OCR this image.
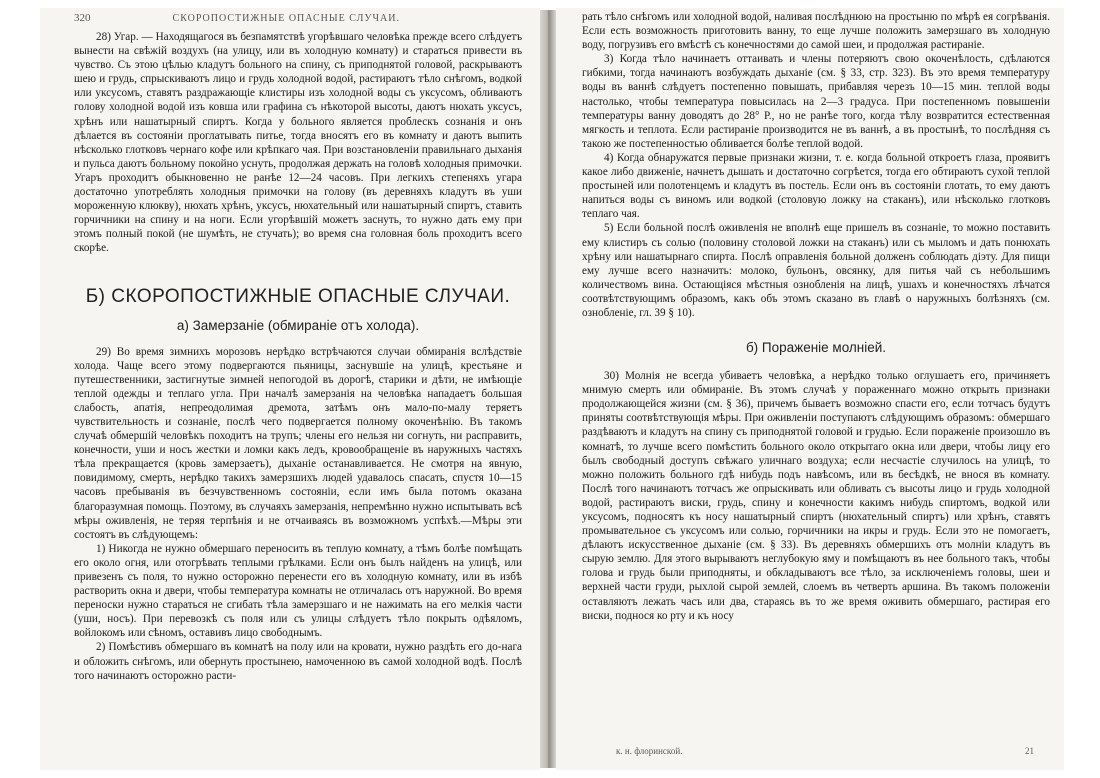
320	СКОРОПОСТИЖНЫЕ ОПАСНЫЕ СЛУЧАИ.

28) Угар. — Находящагося въ безпамятствѣ угорѣвшаго человѣка прежде всего слѣдуетъ вынести на свѣжій воздухъ (на улицу, или въ холодную комнату) и стараться привести въ чувство. Съ этою цѣлью кладутъ больного на спину, съ приподнятой головой, раскрываютъ шею и грудь, спрыскиваютъ лицо и грудь холодной водой, растираютъ тѣло снѣгомъ, водкой или уксусомъ, ставятъ раздражающіе клистиры изъ холодной воды съ уксусомъ, обливаютъ голову холодной водой изъ ковша или графина съ нѣкоторой высоты, даютъ нюхать уксусъ, хрѣнъ или нашатырный спиртъ. Когда у больного является проблескъ сознанія и онъ дѣлается въ состояніи проглатывать питье, тогда вносятъ его въ комнату и даютъ выпить нѣсколько глотковъ чернаго кофе или крѣпкаго чая. При возстановленіи правильнаго дыханія и пульса даютъ больному покойно уснуть, продолжая держать на головѣ холодныя примочки. Угаръ проходитъ обыкновенно не ранѣе 12—24 часовъ. При легкихъ степеняхъ угара достаточно употреблять холодныя примочки на голову (въ деревняхъ кладутъ въ уши мороженную клюкву), нюхать хрѣнъ, уксусъ, нюхательный или нашатырный спиртъ, ставить горчичники на спину и на ноги. Если угорѣвшій можетъ заснуть, то нужно дать ему при этомъ полный покой (не шумѣть, не стучать); во время сна головная боль проходитъ всего скорѣе.

Б) СКОРОПОСТИЖНЫЕ ОПАСНЫЕ СЛУЧАИ.
а) Замерзаніе (обмираніе отъ холода).

29) Во время зимнихъ морозовъ нерѣдко встрѣчаются случаи обмиранія вслѣдствіе холода. Чаще всего этому подвергаются пьяницы, заснувшіе на улицѣ, крестьяне и путешественники, застигнутые зимней непогодой въ дорогѣ, старики и дѣти, не имѣющіе теплой одежды и теплаго угла. При началѣ замерзанія на человѣка нападаетъ большая слабость, апатія, непреодолимая дремота, затѣмъ онъ мало-по-малу теряетъ чувствительность и сознаніе, послѣ чего подвергается полному окоченѣнію. Въ такомъ случаѣ обмершій человѣкъ походитъ на трупъ; члены его нельзя ни согнуть, ни расправить, конечности, уши и носъ жестки и ломки какъ ледъ, кровообращеніе въ наружныхъ частяхъ тѣла прекращается (кровь замерзаетъ), дыханіе останавливается. Не смотря на явную, повидимому, смерть, нерѣдко такихъ замерзшихъ людей удавалось спасать, спустя 10—15 часовъ пребыванія въ безчувственномъ состояніи, если имъ была потомъ оказана благоразумная помощь. Поэтому, въ случаяхъ замерзанія, непремѣнно нужно испытывать всѣ мѣры оживленія, не теряя терпѣнія и не отчаиваясь въ возможномъ успѣхѣ.—Мѣры эти состоятъ въ слѣдующемъ:

1) Никогда не нужно обмершаго переносить въ теплую комнату, а тѣмъ болѣе помѣщать его около огня, или отогрѣвать теплыми грѣлками. Если онъ былъ найденъ на улицѣ, или привезенъ съ поля, то нужно осторожно перенести его въ холодную комнату, или въ избѣ растворить окна и двери, чтобы температура комнаты не отличалась отъ наружной. Во время переноски нужно стараться не сгибать тѣла замерзшаго и не нажимать на его мелкія части (уши, носъ). При перевозкѣ съ поля или съ улицы слѣдуетъ тѣло покрыть одѣяломъ, войлокомъ или сѣномъ, оставивъ лицо свободнымъ.

2) Помѣстивъ обмершаго въ комнатѣ на полу или на кровати, нужно раздѣть его до-нага и обложить снѣгомъ, или обернуть простынею, намоченною въ самой холодной водѣ. Послѣ того начинаютъ осторожно расти-

рать тѣло снѣгомъ или холодной водой, наливая послѣднюю на простыню по мѣрѣ ея согрѣванія. Если есть возможность приготовить ванну, то еще лучше положить замерзшаго въ холодную воду, погрузивъ его вмѣстѣ съ конечностями до самой шеи, и продолжая растираніе.

3) Когда тѣло начинаетъ оттаивать и члены потеряютъ свою окоченѣлость, сдѣлаются гибкими, тогда начинаютъ возбуждать дыханіе (см. § 33, стр. 323). Въ это время температуру воды въ ваннѣ слѣдуетъ постепенно повышать, прибавляя черезъ 10—15 мин. теплой воды настолько, чтобы температура повысилась на 2—3 градуса. При постепенномъ повышеніи температуры ванну доводятъ до 28° Р., но не ранѣе того, когда тѣлу возвратится естественная мягкость и теплота. Если растираніе производится не въ ваннѣ, а въ простынѣ, то послѣдняя съ такою же постепенностью обливается болѣе теплой водой.

4) Когда обнаружатся первые признаки жизни, т. е. когда больной откроетъ глаза, проявитъ какое либо движеніе, начнетъ дышать и достаточно согрѣется, тогда его обтираютъ сухой теплой простыней или полотенцемъ и кладутъ въ постель. Если онъ въ состояніи глотать, то ему даютъ напиться воды съ виномъ или водкой (столовую ложку на стаканъ), или нѣсколько глотковъ теплаго чая.

5) Если больной послѣ оживленія не вполнѣ еще пришелъ въ сознаніе, то можно поставить ему клистиръ съ солью (половину столовой ложки на стаканъ) или съ мыломъ и дать понюхать хрѣну или нашатырнаго спирта. Послѣ оправленія больной долженъ соблюдать діэту. Для пищи ему лучше всего назначить: молоко, бульонъ, овсянку, для питья чай съ небольшимъ количествомъ вина. Остающіяся мѣстныя ознобленія на лицѣ, ушахъ и конечностяхъ лѣчатся соотвѣтствующимъ образомъ, какъ объ этомъ сказано въ главѣ о наружныхъ болѣзняхъ (см. ознобленіе, гл. 39 § 10).

б) Пораженіе молніей.

30) Молнія не всегда убиваетъ человѣка, а нерѣдко только оглушаетъ его, причиняетъ мнимую смерть или обмираніе. Въ этомъ случаѣ у пораженнаго можно открыть признаки продолжающейся жизни (см. § 36), причемъ бываетъ возможно спасти его, если тотчасъ будутъ приняты соотвѣтствующія мѣры. При оживленіи поступаютъ слѣдующимъ образомъ: обмершаго раздѣваютъ и кладутъ на спину съ приподнятой головой и грудью. Если пораженіе произошло въ комнатѣ, то лучше всего помѣстить больного около открытаго окна или двери, чтобы лицу его былъ свободный доступъ свѣжаго уличнаго воздуха; если несчастіе случилось на улицѣ, то можно положить больного гдѣ нибудь подъ навѣсомъ, или въ бесѣдкѣ, не внося въ комнату. Послѣ того начинаютъ тотчасъ же опрыскивать или обливать съ высоты лицо и грудь холодной водой, растираютъ виски, грудь, спину и конечности какимъ нибудь спиртомъ, водкой или уксусомъ, подносятъ къ носу нашатырный спиртъ (нюхательный спиртъ) или хрѣнъ, ставятъ промывательное съ уксусомъ или солью, горчичники на икры и грудь. Если это не помогаетъ, дѣлаютъ искусственное дыханіе (см. § 33). Въ деревняхъ обмершихъ отъ молніи кладутъ въ сырую землю. Для этого вырываютъ неглубокую яму и помѣщаютъ въ нее больного такъ, чтобы голова и грудь были приподняты, и обкладываютъ все тѣло, за исключеніемъ головы, шеи и верхней части груди, рыхлой сырой землей, слоемъ въ четверть аршина. Въ такомъ положеніи оставляютъ лежать часъ или два, стараясь въ то же время оживить обмершаго, растирая его виски, поднося ко рту и къ носу

к. н. флоринской.	21
